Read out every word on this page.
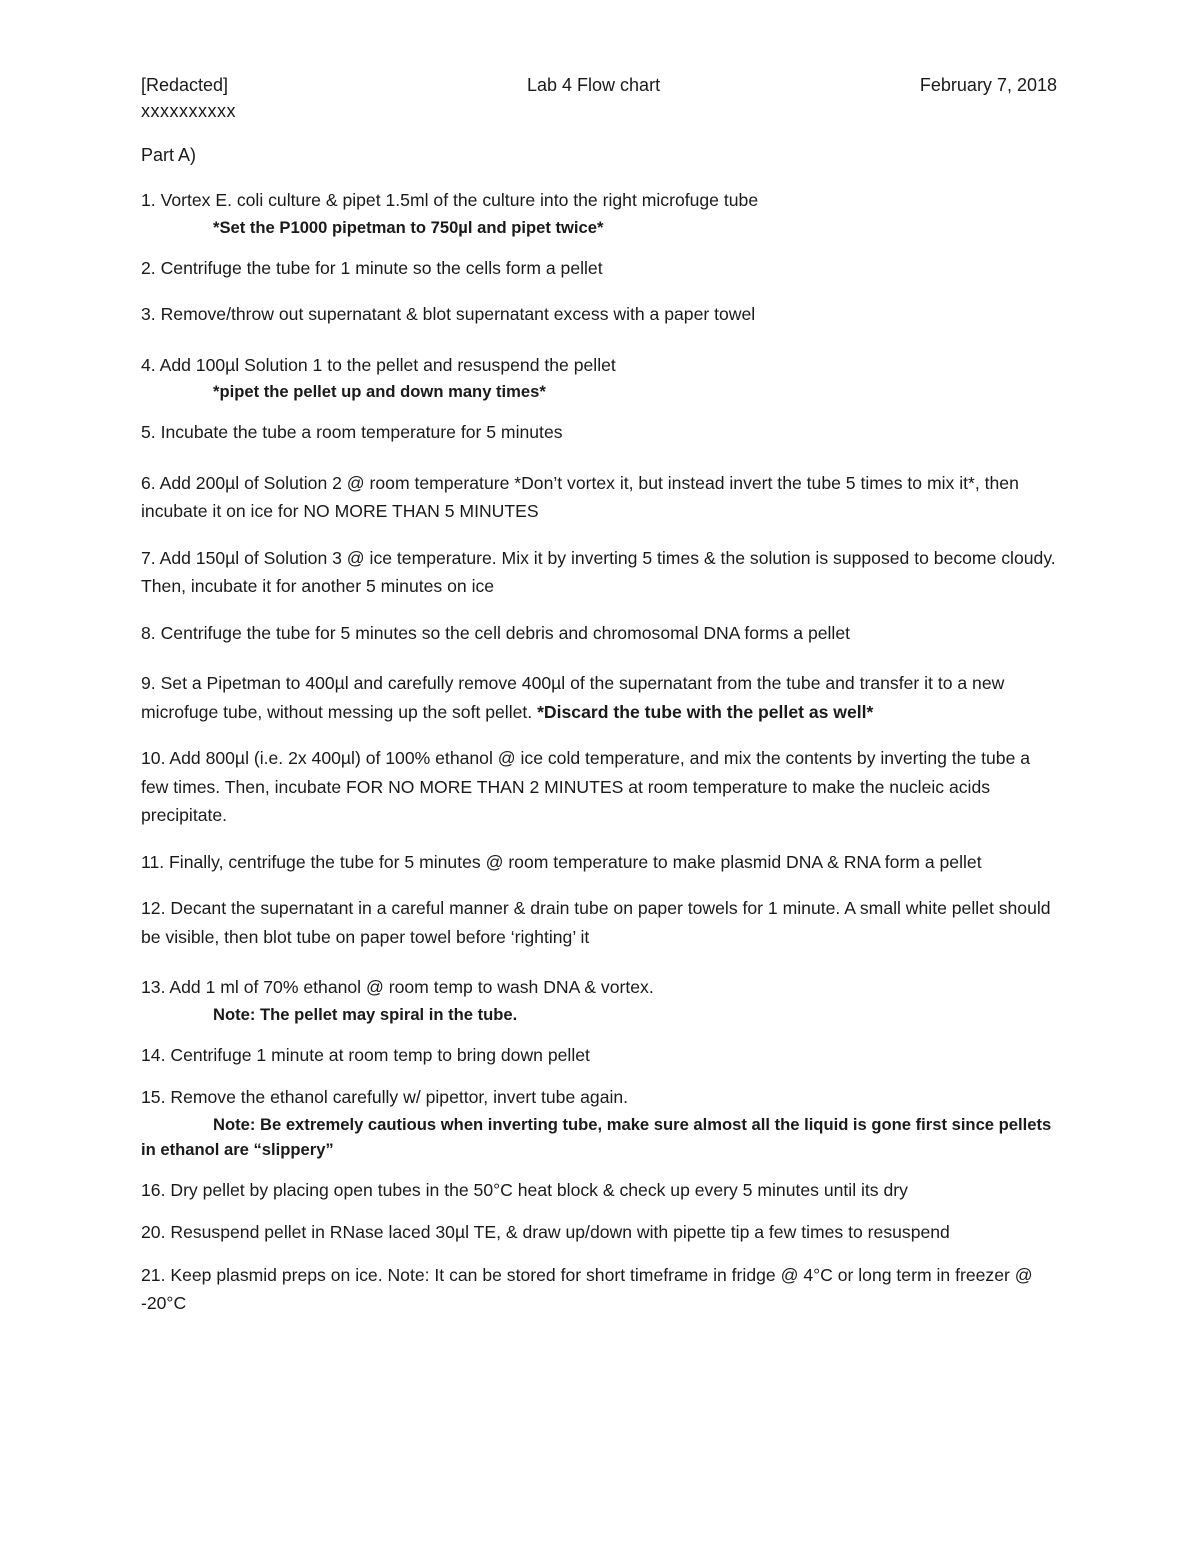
[Redacted]	Lab 4 Flow chart	February 7, 2018
xxxxxxxxxx
Part A)
1. Vortex E. coli culture & pipet 1.5ml of the culture into the right microfuge tube
*Set the P1000 pipetman to 750µl and pipet twice*
2. Centrifuge the tube for 1 minute so the cells form a pellet
3. Remove/throw out supernatant & blot supernatant excess with a paper towel
4. Add 100µl Solution 1 to the pellet and resuspend the pellet
*pipet the pellet up and down many times*
5. Incubate the tube a room temperature for 5 minutes
6. Add 200µl of Solution 2 @ room temperature *Don’t vortex it, but instead invert the tube 5 times to mix it*, then incubate it on ice for NO MORE THAN 5 MINUTES
7. Add 150µl of Solution 3 @ ice temperature. Mix it by inverting 5 times & the solution is supposed to become cloudy. Then, incubate it for another 5 minutes on ice
8. Centrifuge the tube for 5 minutes so the cell debris and chromosomal DNA forms a pellet
9. Set a Pipetman to 400µl and carefully remove 400µl of the supernatant from the tube and transfer it to a new microfuge tube, without messing up the soft pellet. *Discard the tube with the pellet as well*
10. Add 800µl (i.e. 2x 400µl) of 100% ethanol @ ice cold temperature, and mix the contents by inverting the tube a few times. Then, incubate FOR NO MORE THAN 2 MINUTES at room temperature to make the nucleic acids precipitate.
11. Finally, centrifuge the tube for 5 minutes @ room temperature to make plasmid DNA & RNA form a pellet
12. Decant the supernatant in a careful manner & drain tube on paper towels for 1 minute. A small white pellet should be visible, then blot tube on paper towel before ‘righting’ it
13. Add 1 ml of 70% ethanol @ room temp to wash DNA & vortex.
Note: The pellet may spiral in the tube.
14. Centrifuge 1 minute at room temp to bring down pellet
15. Remove the ethanol carefully w/ pipettor, invert tube again.
Note: Be extremely cautious when inverting tube, make sure almost all the liquid is gone first since pellets in ethanol are “slippery”
16. Dry pellet by placing open tubes in the 50°C heat block & check up every 5 minutes until its dry
20. Resuspend pellet in RNase laced 30µl TE, & draw up/down with pipette tip a few times to resuspend
21. Keep plasmid preps on ice. Note: It can be stored for short timeframe in fridge @ 4°C or long term in freezer @ -20°C
